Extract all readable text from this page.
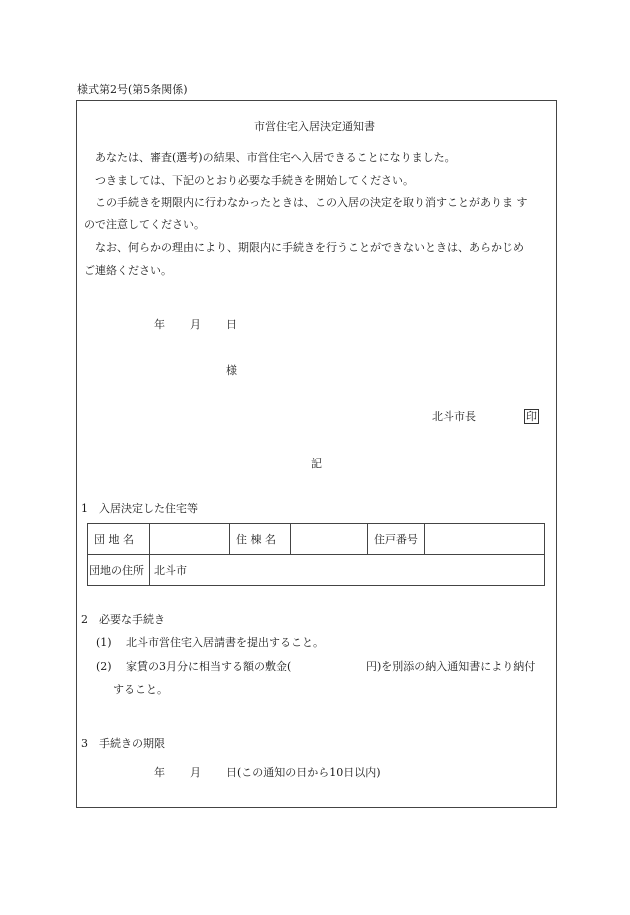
様式第2号(第5条関係)
市営住宅入居決定通知書
あなたは、審査(選考)の結果、市営住宅へ入居できることになりました。
つきましては、下記のとおり必要な手続きを開始してください。
この手続きを期限内に行わなかったときは、この入居の決定を取り消すことがありま す
ので注意してください。
なお、何らかの理由により、期限内に手続きを行うことができないときは、あらかじめ
ご連絡ください。
年 月 日
様
北斗市長	印
記
1　入居決定した住宅等
団 地 名		住 棟 名		住戸番号	
団地の住所	北斗市				
2　必要な手続き
(1) 北斗市営住宅入居請書を提出すること。
(2) 家賃の3月分に相当する額の敷金(	円)を別添の納入通知書により納付
すること。
3　手続きの期限
年 月 日(この通知の日から10日以内)
